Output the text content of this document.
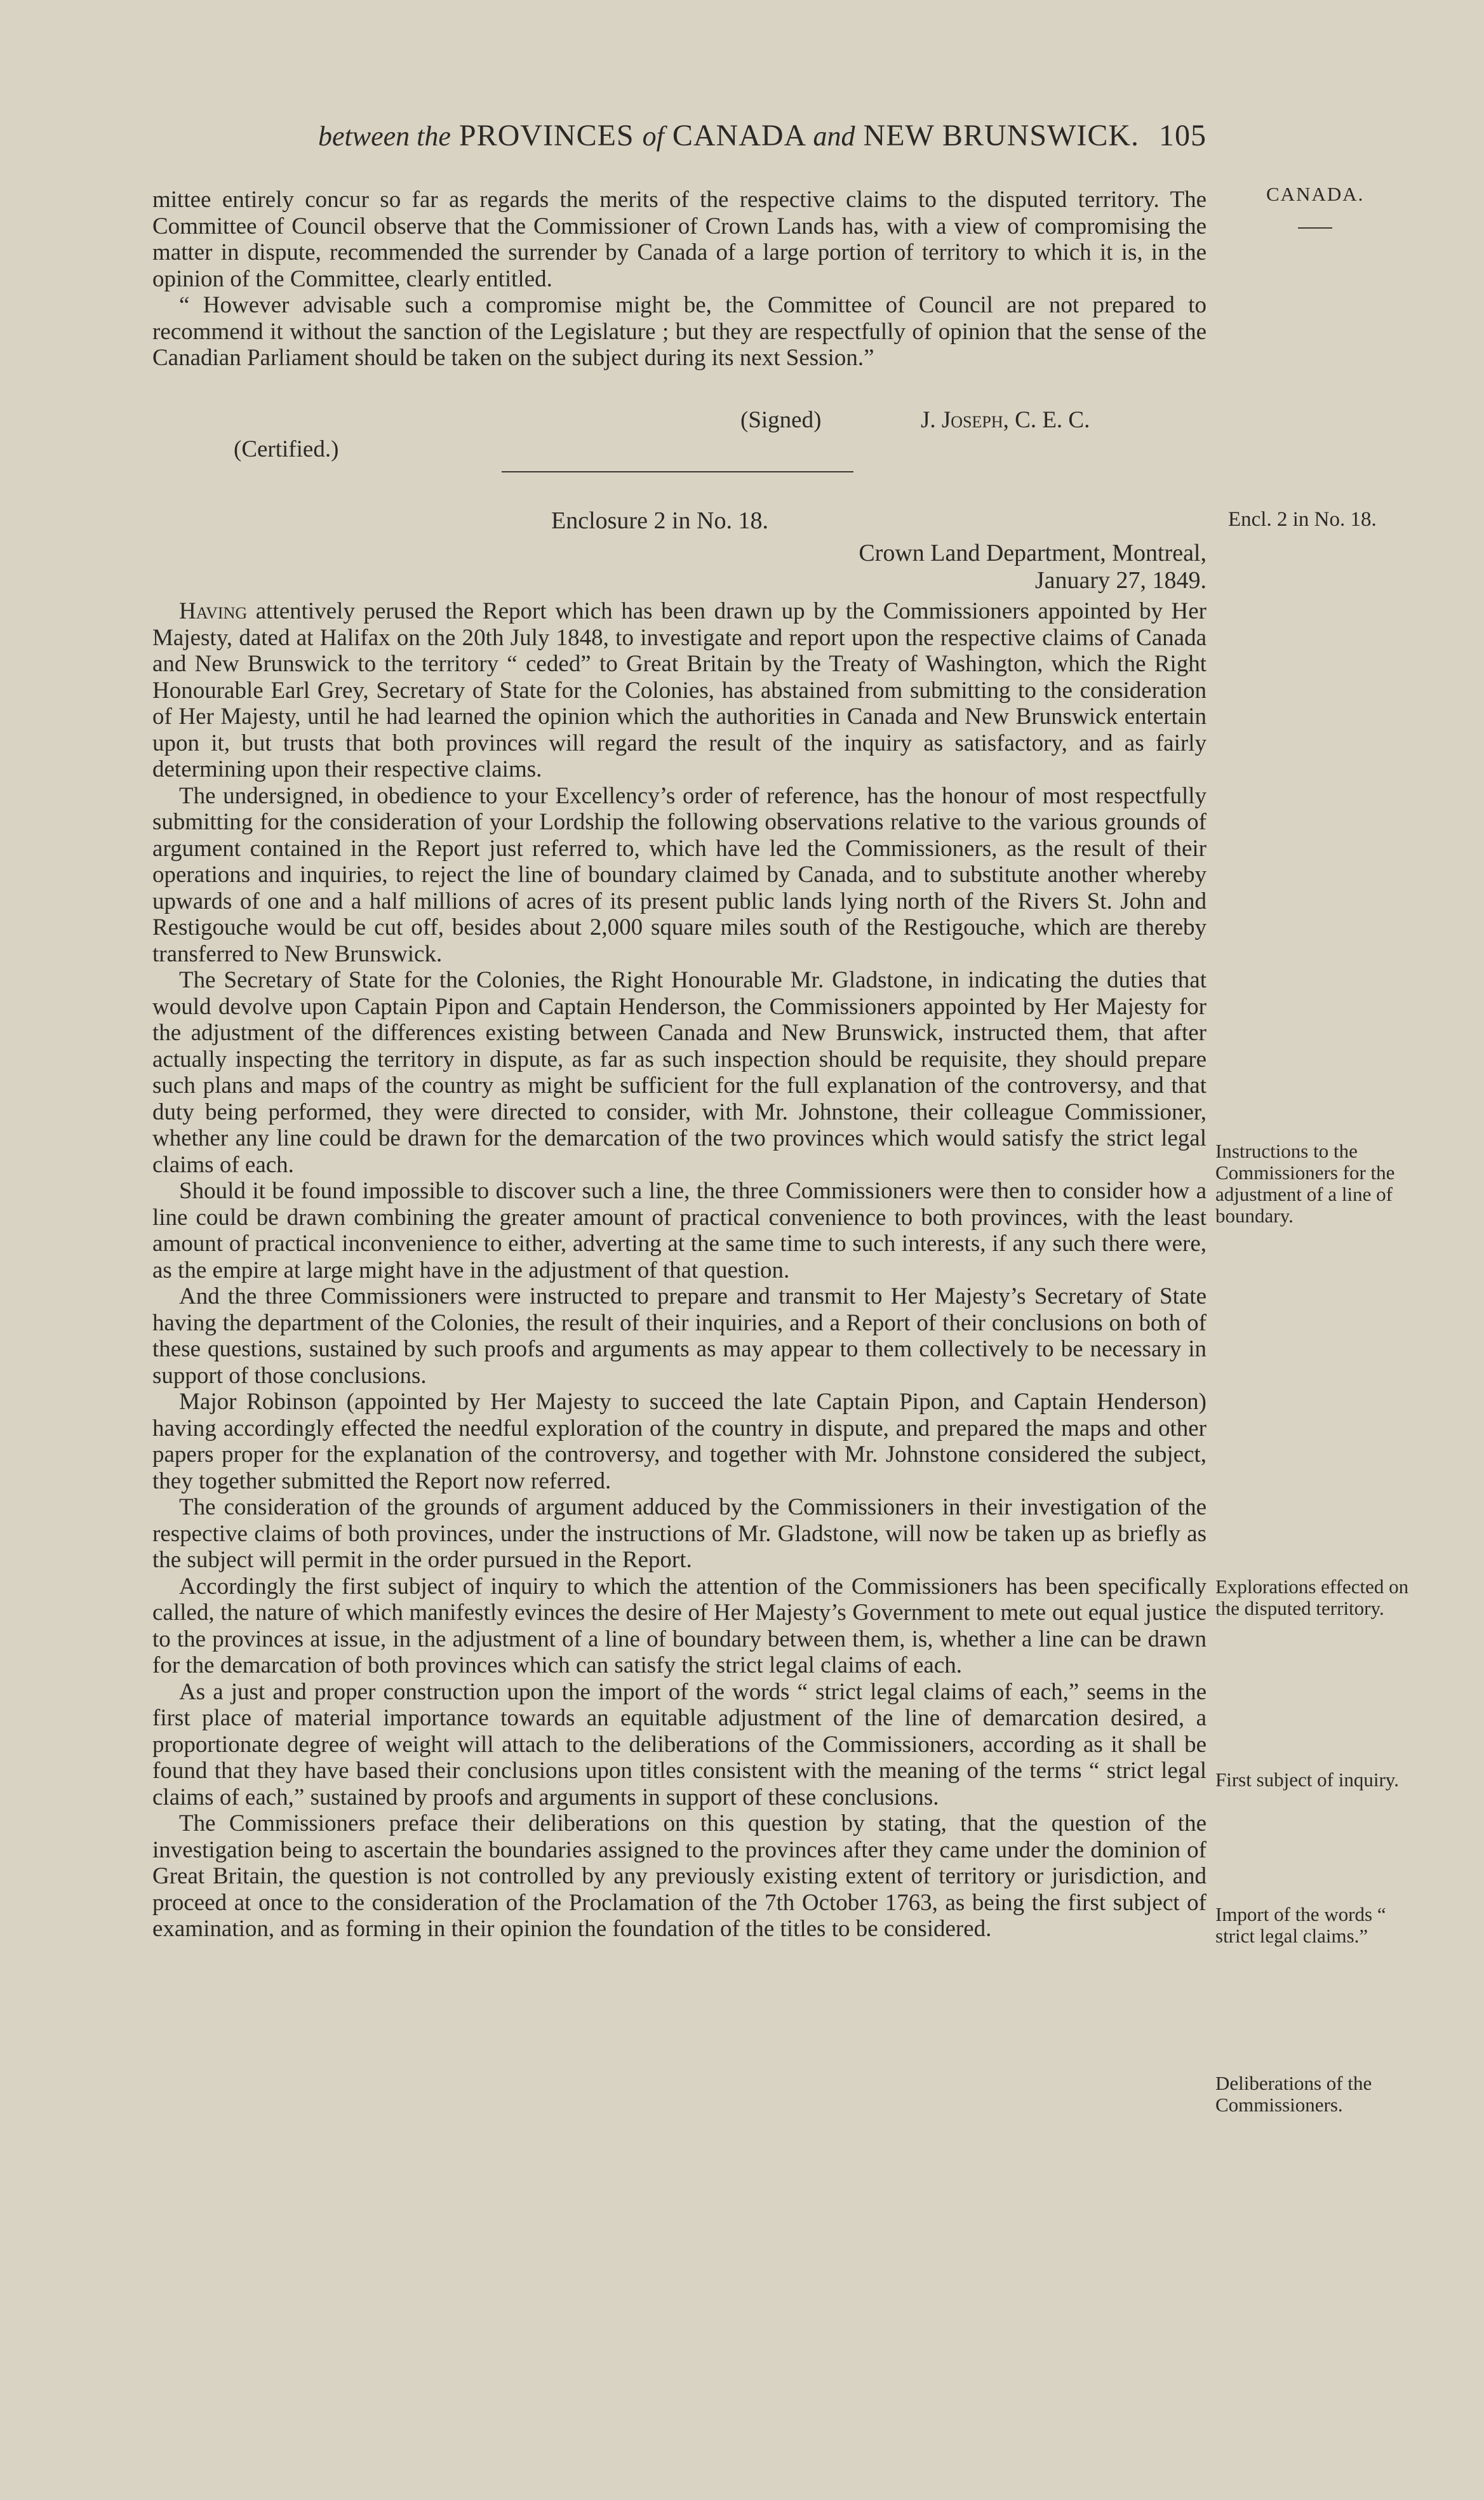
between the PROVINCES of CANADA and NEW BRUNSWICK. 105
CANADA.

mittee entirely concur so far as regards the merits of the respective claims to the disputed territory. The Committee of Council observe that the Commissioner of Crown Lands has, with a view of compromising the matter in dispute, recommended the surrender by Canada of a large portion of territory to which it is, in the opinion of the Committee, clearly entitled.

“ However advisable such a compromise might be, the Committee of Council are not prepared to recommend it without the sanction of the Legislature ; but they are respectfully of opinion that the sense of the Canadian Parliament should be taken on the subject during its next Session.”

(Signed)	J. Joseph, C. E. C.
(Certified.)
Enclosure 2 in No. 18.	Encl. 2 in No. 18.
Crown Land Department, Montreal,
January 27, 1849.

Having attentively perused the Report which has been drawn up by the Commissioners appointed by Her Majesty, dated at Halifax on the 20th July 1848, to investigate and report upon the respective claims of Canada and New Brunswick to the territory “ ceded” to Great Britain by the Treaty of Washington, which the Right Honourable Earl Grey, Secretary of State for the Colonies, has abstained from submitting to the consideration of Her Majesty, until he had learned the opinion which the authorities in Canada and New Brunswick entertain upon it, but trusts that both provinces will regard the result of the inquiry as satisfactory, and as fairly determining upon their respective claims.

The undersigned, in obedience to your Excellency’s order of reference, has the honour of most respectfully submitting for the consideration of your Lordship the following observations relative to the various grounds of argument contained in the Report just referred to, which have led the Commissioners, as the result of their operations and inquiries, to reject the line of boundary claimed by Canada, and to substitute another whereby upwards of one and a half millions of acres of its present public lands lying north of the Rivers St. John and Restigouche would be cut off, besides about 2,000 square miles south of the Restigouche, which are thereby transferred to New Brunswick.

The Secretary of State for the Colonies, the Right Honourable Mr. Gladstone, in indicating the duties that would devolve upon Captain Pipon and Captain Henderson, the Commissioners appointed by Her Majesty for the adjustment of the differences existing between Canada and New Brunswick, instructed them, that after actually inspecting the territory in dispute, as far as such inspection should be requisite, they should prepare such plans and maps of the country as might be sufficient for the full explanation of the controversy, and that duty being performed, they were directed to consider, with Mr. Johnstone, their colleague Commissioner, whether any line could be drawn for the demarcation of the two provinces which would satisfy the strict legal claims of each.

Should it be found impossible to discover such a line, the three Commissioners were then to consider how a line could be drawn combining the greater amount of practical convenience to both provinces, with the least amount of practical inconvenience to either, adverting at the same time to such interests, if any such there were, as the empire at large might have in the adjustment of that question.

And the three Commissioners were instructed to prepare and transmit to Her Majesty’s Secretary of State having the department of the Colonies, the result of their inquiries, and a Report of their conclusions on both of these questions, sustained by such proofs and arguments as may appear to them collectively to be necessary in support of those conclusions.

Major Robinson (appointed by Her Majesty to succeed the late Captain Pipon, and Captain Henderson) having accordingly effected the needful exploration of the country in dispute, and prepared the maps and other papers proper for the explanation of the controversy, and together with Mr. Johnstone considered the subject, they together submitted the Report now referred.

The consideration of the grounds of argument adduced by the Commissioners in their investigation of the respective claims of both provinces, under the instructions of Mr. Gladstone, will now be taken up as briefly as the subject will permit in the order pursued in the Report.

Accordingly the first subject of inquiry to which the attention of the Commissioners has been specifically called, the nature of which manifestly evinces the desire of Her Majesty’s Government to mete out equal justice to the provinces at issue, in the adjustment of a line of boundary between them, is, whether a line can be drawn for the demarcation of both provinces which can satisfy the strict legal claims of each.

As a just and proper construction upon the import of the words “ strict legal claims of each,” seems in the first place of material importance towards an equitable adjustment of the line of demarcation desired, a proportionate degree of weight will attach to the deliberations of the Commissioners, according as it shall be found that they have based their conclusions upon titles consistent with the meaning of the terms “ strict legal claims of each,” sustained by proofs and arguments in support of these conclusions.

The Commissioners preface their deliberations on this question by stating, that the question of the investigation being to ascertain the boundaries assigned to the provinces after they came under the dominion of Great Britain, the question is not controlled by any previously existing extent of territory or jurisdiction, and proceed at once to the consideration of the Proclamation of the 7th October 1763, as being the first subject of examination, and as forming in their opinion the foundation of the titles to be considered.

Instructions to the Commissioners for the adjustment of a line of boundary.
Explorations effected on the disputed territory.
First subject of inquiry.
Import of the words “ strict legal claims.”
Deliberations of the Commissioners.
